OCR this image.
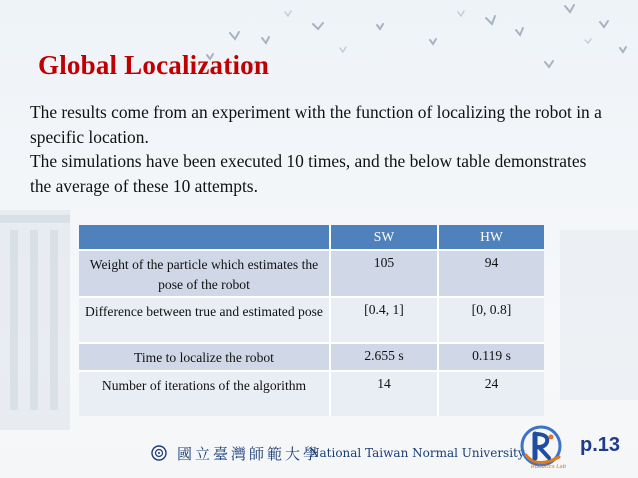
Global Localization

The results come from an experiment with the function of localizing the robot in a specific location.

The simulations have been executed 10 times, and the below table demonstrates the average of these 10 attempts.

	SW	HW
Weight of the particle which estimates the pose of the robot	105	94
Difference between true and estimated pose	[0.4, 1]	[0, 0.8]
Time to localize the robot	2.655 s	0.119 s
Number of iterations of the algorithm	14	24
國立臺灣師範大學
National Taiwan Normal University
Robotics Lab
p.13
